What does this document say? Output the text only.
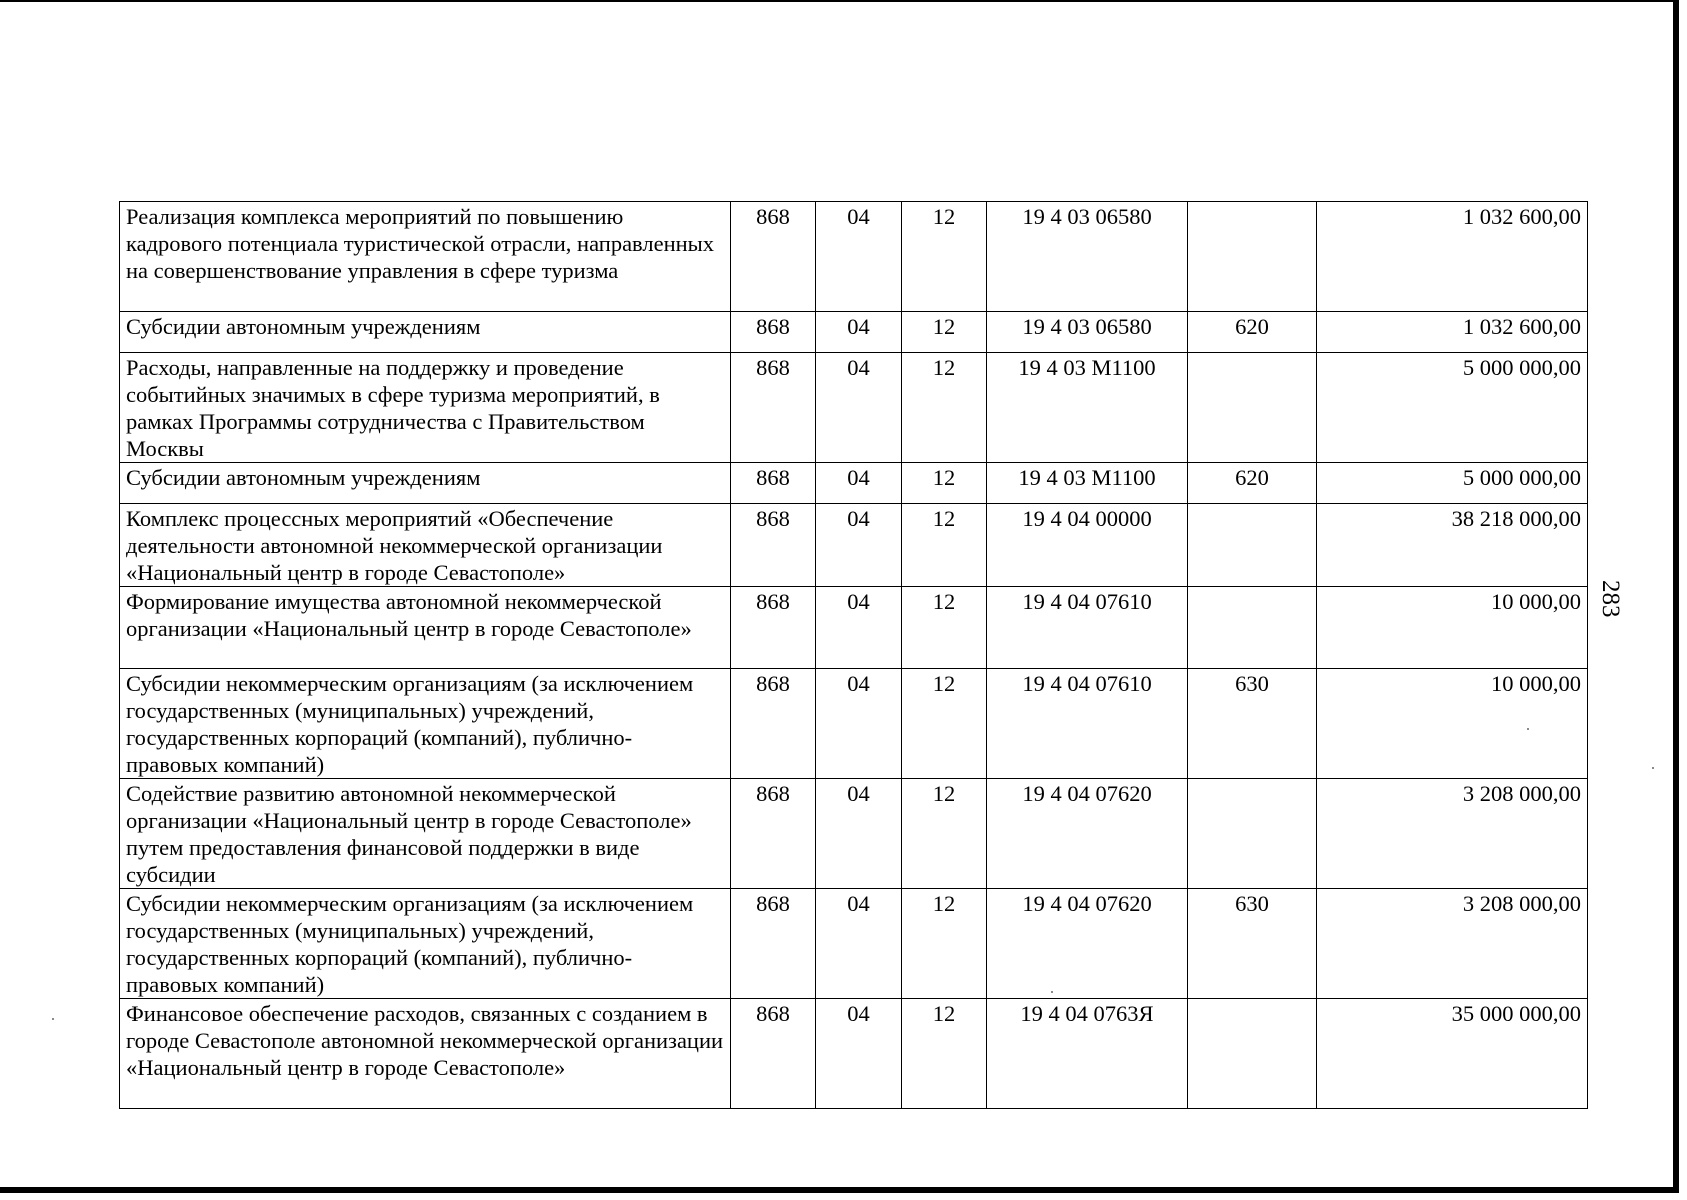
Реализация комплекса мероприятий по повышению кадрового потенциала туристической отрасли, направленных на совершенствование управления в сфере туризма	868	04	12	19 4 03 06580		1 032 600,00
Субсидии автономным учреждениям	868	04	12	19 4 03 06580	620	1 032 600,00
Расходы, направленные на поддержку и проведение событийных значимых в сфере туризма мероприятий, в рамках Программы сотрудничества с Правительством Москвы	868	04	12	19 4 03 M1100		5 000 000,00
Субсидии автономным учреждениям	868	04	12	19 4 03 M1100	620	5 000 000,00
Комплекс процессных мероприятий «Обеспечение деятельности автономной некоммерческой организации «Национальный центр в городе Севастополе»	868	04	12	19 4 04 00000		38 218 000,00
Формирование имущества автономной некоммерческой организации «Национальный центр в городе Севастополе»	868	04	12	19 4 04 07610		10 000,00
Субсидии некоммерческим организациям (за исключением государственных (муниципальных) учреждений, государственных корпораций (компаний), публично-правовых компаний)	868	04	12	19 4 04 07610	630	10 000,00
Содействие развитию автономной некоммерческой организации «Национальный центр в городе Севастополе» путем предоставления финансовой поддержки в виде субсидии	868	04	12	19 4 04 07620		3 208 000,00
Субсидии некоммерческим организациям (за исключением государственных (муниципальных) учреждений, государственных корпораций (компаний), публично-правовых компаний)	868	04	12	19 4 04 07620	630	3 208 000,00
Финансовое обеспечение расходов, связанных с созданием в городе Севастополе автономной некоммерческой организации «Национальный центр в городе Севастополе»	868	04	12	19 4 04 0763Я		35 000 000,00
283
